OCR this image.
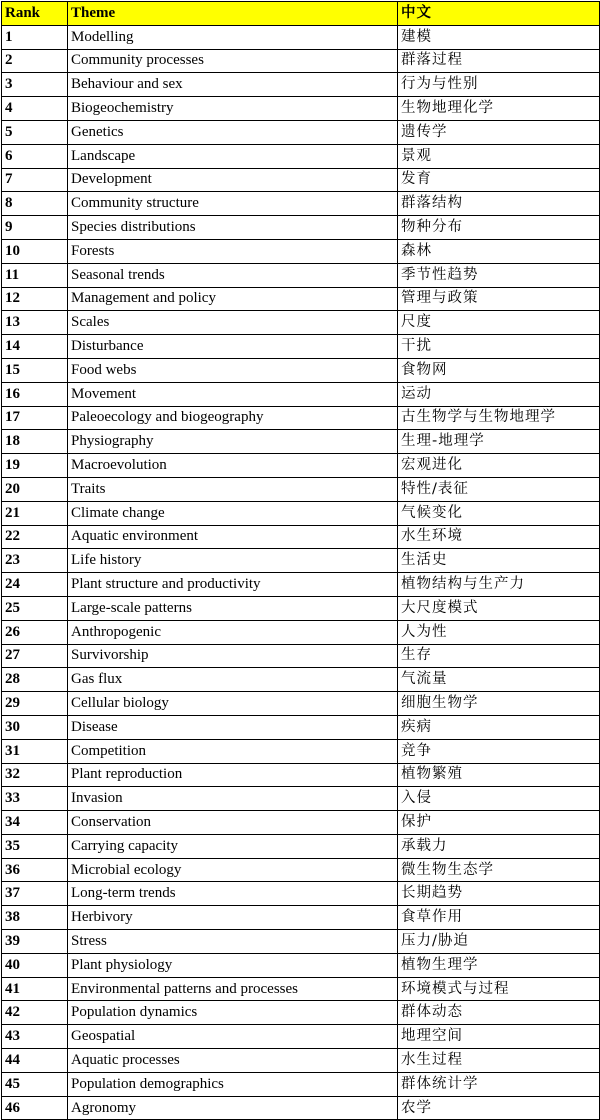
Rank	Theme	中文
1	Modelling	建模
2	Community processes	群落过程
3	Behaviour and sex	行为与性别
4	Biogeochemistry	生物地理化学
5	Genetics	遗传学
6	Landscape	景观
7	Development	发育
8	Community structure	群落结构
9	Species distributions	物种分布
10	Forests	森林
11	Seasonal trends	季节性趋势
12	Management and policy	管理与政策
13	Scales	尺度
14	Disturbance	干扰
15	Food webs	食物网
16	Movement	运动
17	Paleoecology and biogeography	古生物学与生物地理学
18	Physiography	生理-地理学
19	Macroevolution	宏观进化
20	Traits	特性/表征
21	Climate change	气候变化
22	Aquatic environment	水生环境
23	Life history	生活史
24	Plant structure and productivity	植物结构与生产力
25	Large-scale patterns	大尺度模式
26	Anthropogenic	人为性
27	Survivorship	生存
28	Gas flux	气流量
29	Cellular biology	细胞生物学
30	Disease	疾病
31	Competition	竞争
32	Plant reproduction	植物繁殖
33	Invasion	入侵
34	Conservation	保护
35	Carrying capacity	承载力
36	Microbial ecology	微生物生态学
37	Long-term trends	长期趋势
38	Herbivory	食草作用
39	Stress	压力/胁迫
40	Plant physiology	植物生理学
41	Environmental patterns and processes	环境模式与过程
42	Population dynamics	群体动态
43	Geospatial	地理空间
44	Aquatic processes	水生过程
45	Population demographics	群体统计学
46	Agronomy	农学
